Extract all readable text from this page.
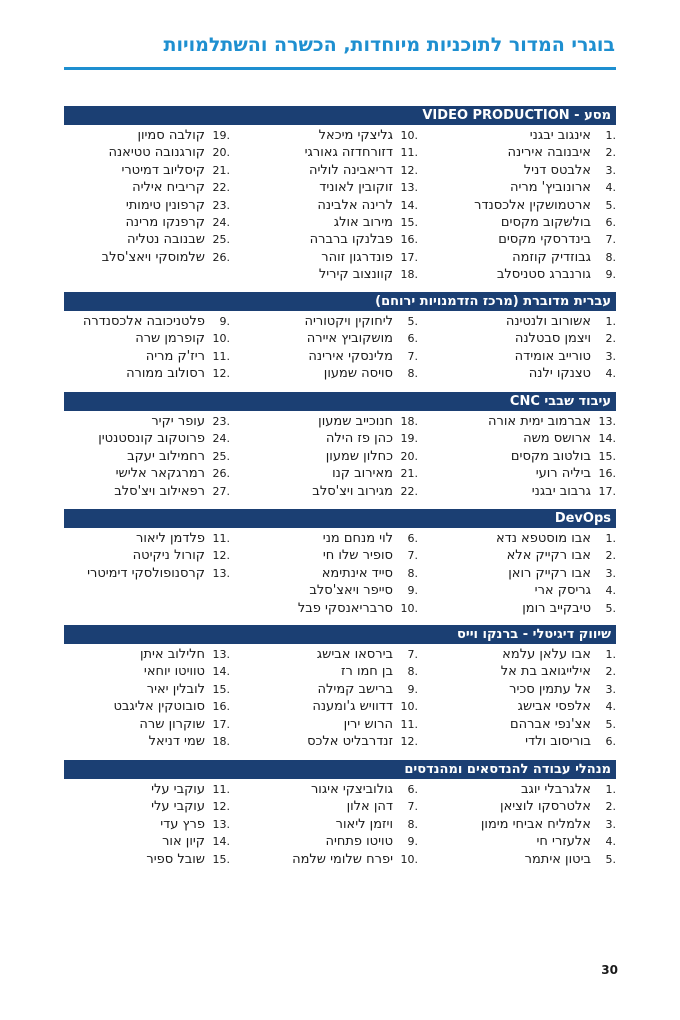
בוגרי המדור לתוכניות מיוחדות, הכשרה והשתלמויות
מסע - VIDEO PRODUCTION
1.
אינגוב יבגני
2.
איבנובה אירינה
3.
אלבטס דניל
4.
ארונוביץ' מריה
5.
ארטמושקין אלכסנדר
6.
בולשקוב מקסים
7.
בינדרסקי מקסים
8.
גבוזדיק קוזמה
9.
גורנברג סטניסלב
10.
גליצקי מיכאל
11.
דזורחדזה גאורגי
12.
דריאבינה לוליה
13.
זוקובין לאוניד
14.
לרינה אלבינה
15.
מירוב אולג
16.
פבלנקו ברברה
17.
פונדרגון זוהר
18.
קוונצוב קיריל
19.
קולבה סמיון
20.
קורגנובה טטיאנה
21.
קיסליוב דמיטרי
22.
קריביח איליה
23.
קרפונין טימותי
24.
קרפנקו מרינה
25.
שבנובה נטליה
26.
שלמוסקי ויאצ'סלב
עברית מדוברת (מרכז הזדמנויות ירוחם)
1.
אשורוב ולנטינה
2.
ויצמן סבטלנה
3.
טורייב אומידה
4.
טצנקו ילנה
5.
ליחוקין ויקטוריה
6.
מושקוביץ איירה
7.
מלינסקי אירינה
8.
סויסה שמעון
9.
פלטניכובה אלכסנדרה
10.
קופרמן שרה
11.
ריז'ק מריה
12.
רסולוב ממורה
עיבוד שבבי CNC
13.
אברמוב ימית אורה
14.
ארושס משה
15.
בולטוב מקסים
16.
ביליה רועי
17.
גרבוב יבגני
18.
חנוכייב שמעון
19.
כהן פז הילה
20.
כחלון שמעון
21.
מאירוב קנו
22.
מגירוב ויצ'סלב
23.
עופר יקיר
24.
פרוטקוב קונסטנטין
25.
רחמילוב יעקב
26.
רמרגקאר אלישי
27.
רפאילוב ויצ'סלב
DevOps
1.
אבו מוסטפא נדא
2.
אבו רקייק אלא
3.
אבו רקייק רואן
4.
גריסק ארי
5.
טיבקייב רומן
6.
לוי מנחם מני
7.
סופיר שלו חי
8.
סייד אינתימא
9.
סייפר ויאצ'סלב
10.
סרבריאנסקי פבל
11.
פלדמן ליאור
12.
קורול ניקיטה
13.
קרסנופולסקי דימיטרי
שיווק דיגיטלי - ברנקו וייס
1.
אבו עלאן עלמא
2.
אילייגואב בת אל
3.
אל עתמין סכיר
4.
אלפסי אבישג
5.
אצ'נפי אברהם
6.
בוריסוב ולדי
7.
בירסאו אבישג
8.
בן חמו רז
9.
ברישב קמילה
10.
דדוויש ג'ומענה
11.
הרוש ירין
12.
זנדרבליט אלכס
13.
חלילוב איתן
14.
טוויטו יוחאי
15.
לובלין יאיר
16.
סובוטקין אליגבט
17.
שוקרון שרה
18.
שמי דניאל
מנהלי עבודה להנדסאים ומהנדסים
1.
אלגרבלי יוגב
2.
אלטרסקו לוציאן
3.
אלמליח אביחי מימון
4.
אלעזרי חי
5.
ביטון איתמר
6.
גולוביצקי איגור
7.
דהן אלון
8.
ויזמן ליאור
9.
טויטו פתחיה
10.
יפרח שלומי שלמה
11.
עוקבי עלי
12.
עוקבי עלי
13.
פרץ עדי
14.
קיון אור
15.
שובל ספיר
30
